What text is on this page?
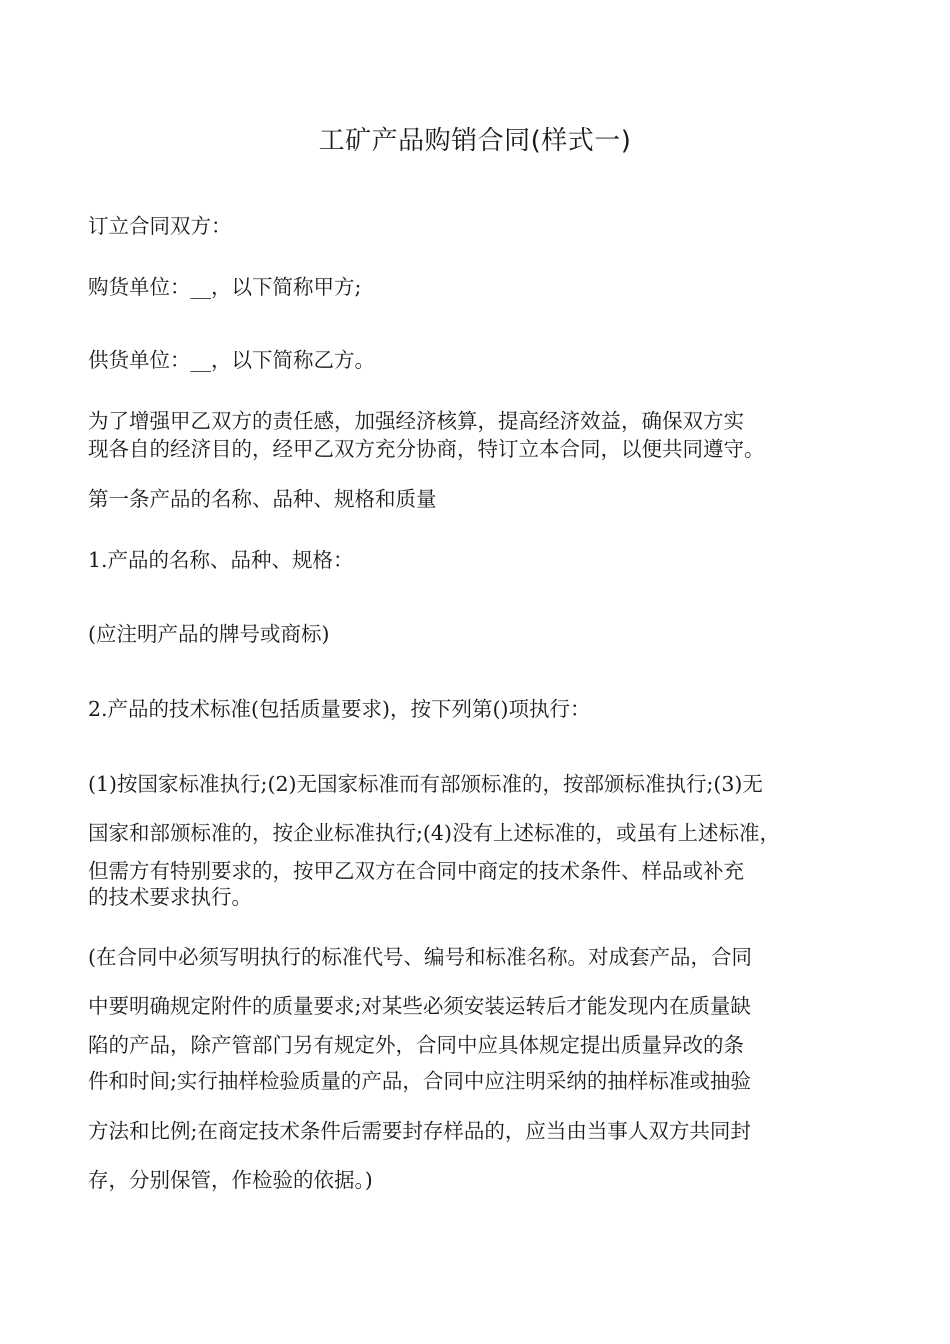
工矿产品购销合同(样式一)
订立合同双方：
购货单位：__，以下简称甲方;
供货单位：__，以下简称乙方。
为了增强甲乙双方的责任感，加强经济核算，提高经济效益，确保双方实
现各自的经济目的，经甲乙双方充分协商，特订立本合同，以便共同遵守。
第一条产品的名称、品种、规格和质量
1.产品的名称、品种、规格：
(应注明产品的牌号或商标)
2.产品的技术标准(包括质量要求)，按下列第()项执行：
(1)按国家标准执行;(2)无国家标准而有部颁标准的，按部颁标准执行;(3)无
国家和部颁标准的，按企业标准执行;(4)没有上述标准的，或虽有上述标准，
但需方有特别要求的，按甲乙双方在合同中商定的技术条件、样品或补充
的技术要求执行。
(在合同中必须写明执行的标准代号、编号和标准名称。对成套产品，合同
中要明确规定附件的质量要求;对某些必须安装运转后才能发现内在质量缺
陷的产品，除产管部门另有规定外，合同中应具体规定提出质量异改的条
件和时间;实行抽样检验质量的产品，合同中应注明采纳的抽样标准或抽验
方法和比例;在商定技术条件后需要封存样品的，应当由当事人双方共同封
存，分别保管，作检验的依据。)
